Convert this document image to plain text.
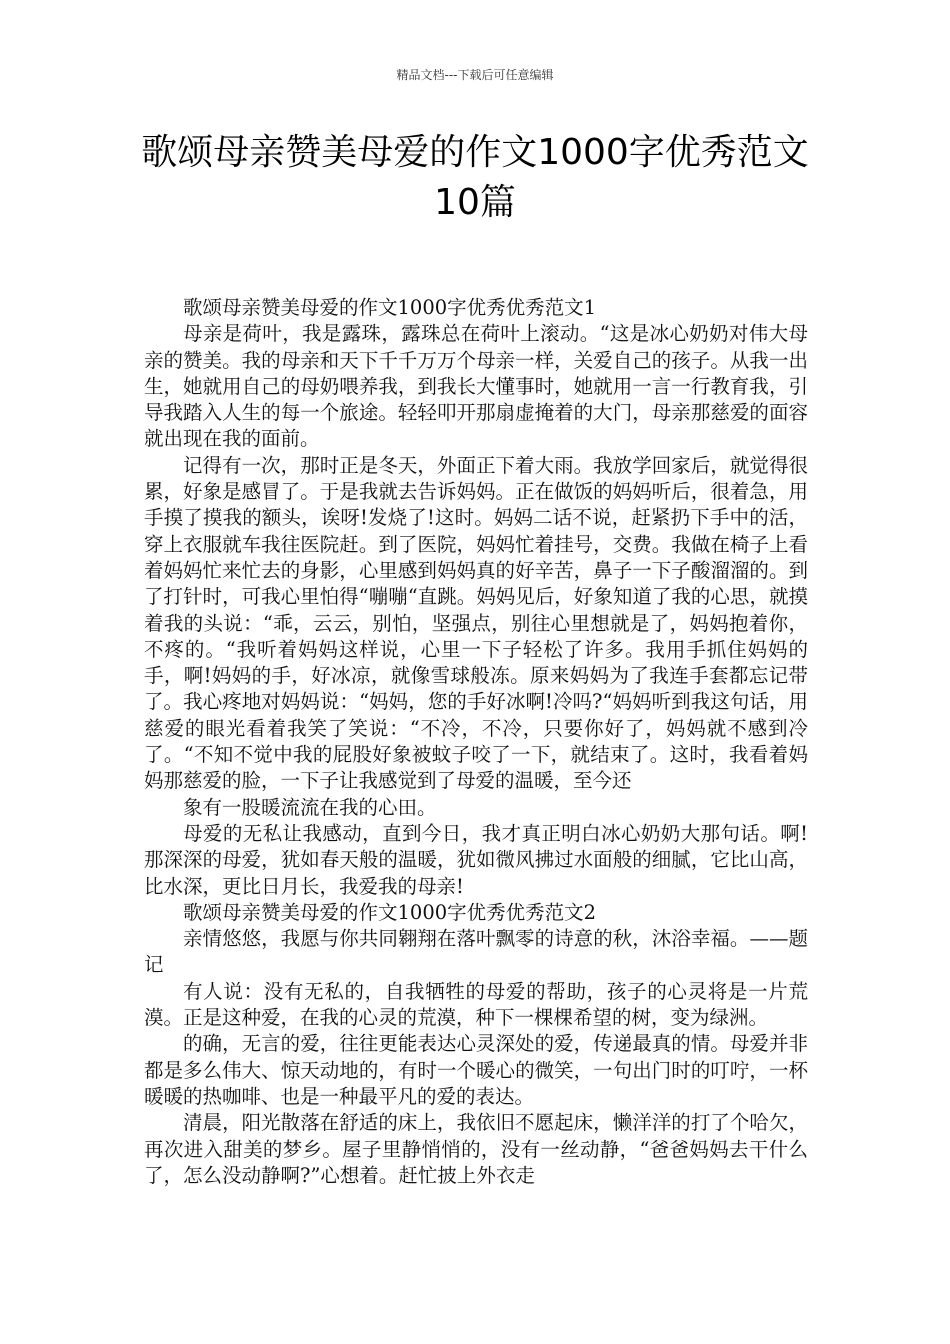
精品文档---下载后可任意编辑
歌颂母亲赞美母爱的作文1000字优秀范文10篇

歌颂母亲赞美母爱的作文1000字优秀优秀范文1

母亲是荷叶，我是露珠，露珠总在荷叶上滚动。“这是冰心奶奶对伟大母亲的赞美。我的母亲和天下千千万万个母亲一样，关爱自己的孩子。从我一出生，她就用自己的母奶喂养我，到我长大懂事时，她就用一言一行教育我，引导我踏入人生的每一个旅途。轻轻叩开那扇虚掩着的大门，母亲那慈爱的面容就出现在我的面前。

记得有一次，那时正是冬天，外面正下着大雨。我放学回家后，就觉得很累，好象是感冒了。于是我就去告诉妈妈。正在做饭的妈妈听后，很着急，用手摸了摸我的额头，诶呀!发烧了!这时。妈妈二话不说，赶紧扔下手中的活，穿上衣服就车我往医院赶。到了医院，妈妈忙着挂号，交费。我做在椅子上看着妈妈忙来忙去的身影，心里感到妈妈真的好辛苦，鼻子一下子酸溜溜的。到了打针时，可我心里怕得“嘣嘣“直跳。妈妈见后，好象知道了我的心思，就摸着我的头说：“乖，云云，别怕，坚强点，别往心里想就是了，妈妈抱着你，不疼的。“我听着妈妈这样说，心里一下子轻松了许多。我用手抓住妈妈的手，啊!妈妈的手，好冰凉，就像雪球般冻。原来妈妈为了我连手套都忘记带了。我心疼地对妈妈说：“妈妈，您的手好冰啊!冷吗?“妈妈听到我这句话，用慈爱的眼光看着我笑了笑说：“不冷，不冷，只要你好了，妈妈就不感到冷了。“不知不觉中我的屁股好象被蚊子咬了一下，就结束了。这时，我看着妈妈那慈爱的脸，一下子让我感觉到了母爱的温暖，至今还

象有一股暖流流在我的心田。

母爱的无私让我感动，直到今日，我才真正明白冰心奶奶大那句话。啊!那深深的母爱，犹如春天般的温暖，犹如微风拂过水面般的细腻，它比山高，比水深，更比日月长，我爱我的母亲!

歌颂母亲赞美母爱的作文1000字优秀优秀范文2

亲情悠悠，我愿与你共同翱翔在落叶飘零的诗意的秋，沐浴幸福。——题记

有人说：没有无私的，自我牺牲的母爱的帮助，孩子的心灵将是一片荒漠。正是这种爱，在我的心灵的荒漠，种下一棵棵希望的树，变为绿洲。

的确，无言的爱，往往更能表达心灵深处的爱，传递最真的情。母爱并非都是多么伟大、惊天动地的，有时一个暖心的微笑，一句出门时的叮咛，一杯暖暖的热咖啡、也是一种最平凡的爱的表达。

清晨，阳光散落在舒适的床上，我依旧不愿起床，懒洋洋的打了个哈欠，再次进入甜美的梦乡。屋子里静悄悄的，没有一丝动静，“爸爸妈妈去干什么了，怎么没动静啊?”心想着。赶忙披上外衣走
